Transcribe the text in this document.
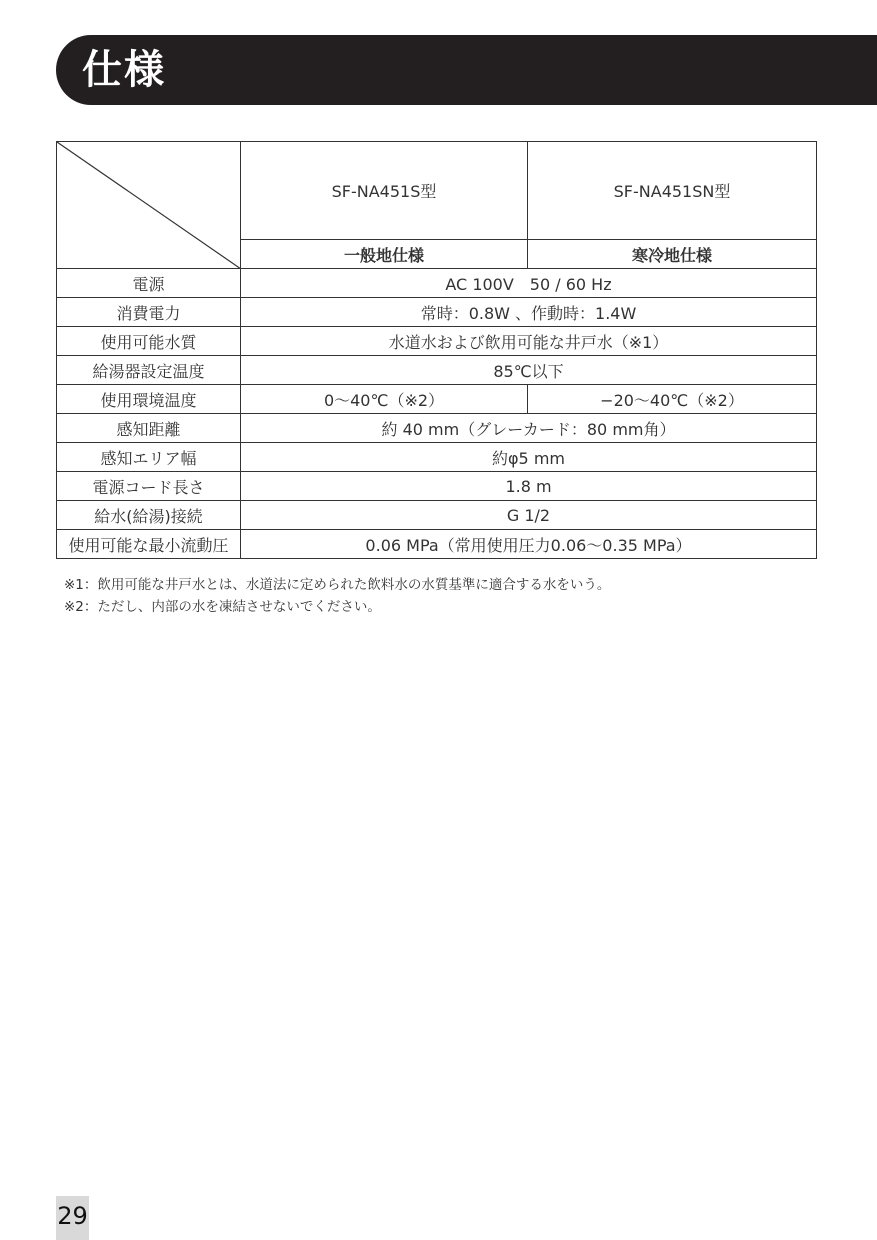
仕様
	SF-NA451S型	SF-NA451SN型
	一般地仕様	寒冷地仕様
電源	AC 100V　50 / 60 Hz	
消費電力	常時：0.8W 、作動時：1.4W	
使用可能水質	水道水および飲用可能な井戸水（※1）	
給湯器設定温度	85℃以下	
使用環境温度	0〜40℃（※2）	−20〜40℃（※2）
感知距離	約 40 mm（グレーカード：80 mm角）	
感知エリア幅	約φ5 mm	
電源コード長さ	1.8 m	
給水(給湯)接続	G 1/2	
使用可能な最小流動圧	0.06 MPa（常用使用圧力0.06〜0.35 MPa）	
※1：飲用可能な井戸水とは、水道法に定められた飲料水の水質基準に適合する水をいう。
※2：ただし、内部の水を凍結させないでください。
29
